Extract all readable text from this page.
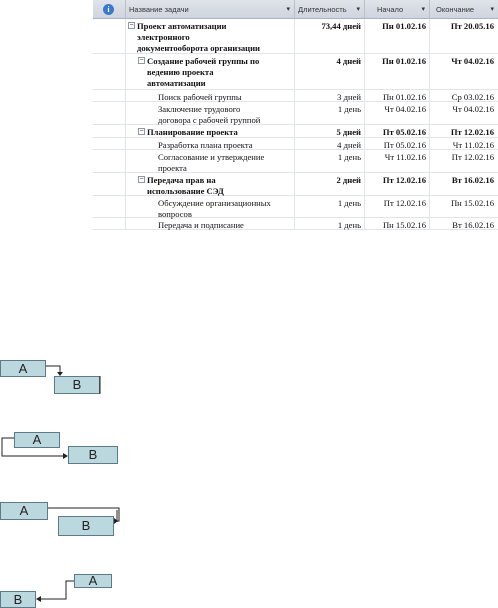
i	Название задачи	▾	Длительность ▾	Начало	▾	Окончание ▾
− Проект автоматизации
электронного
документооборота организации
73,44 дней	Пн 01.02.16	Пт 20.05.16
− Создание рабочей группы по
ведению проекта
автоматизации
4 дней	Пн 01.02.16	Чт 04.02.16
Поиск рабочей группы	3 дней	Пн 01.02.16	Ср 03.02.16
Заключение трудового
договора с рабочей группой
1 день	Чт 04.02.16	Чт 04.02.16
− Планирование проекта	5 дней	Пт 05.02.16	Пт 12.02.16
Разработка плана проекта	4 дней	Пт 05.02.16	Чт 11.02.16
Согласование и утверждение
проекта
1 день	Чт 11.02.16	Пт 12.02.16
− Передача прав на
использование СЭД
2 дней	Пт 12.02.16	Вт 16.02.16
Обсуждение организационных
вопросов
1 день	Пт 12.02.16	Пн 15.02.16
Передача и подписание	1 день	Пн 15.02.16	Вт 16.02.16
A
B
A
B
A
B
A
B
